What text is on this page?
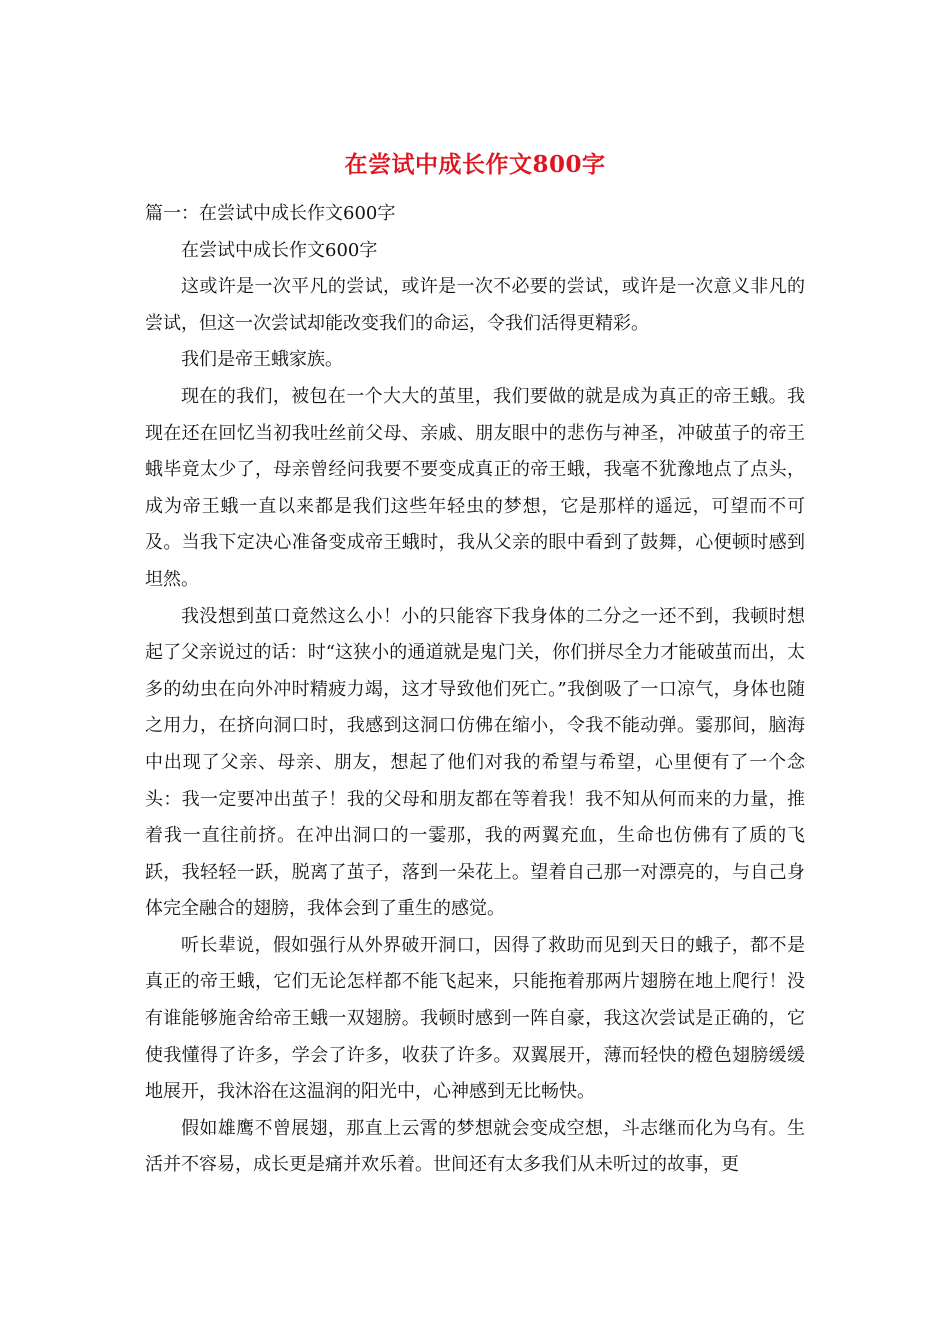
在尝试中成长作文800字

篇一：在尝试中成长作文600字

在尝试中成长作文600字

这或许是一次平凡的尝试，或许是一次不必要的尝试，或许是一次意义非凡的尝试，但这一次尝试却能改变我们的命运，令我们活得更精彩。

我们是帝王蛾家族。

现在的我们，被包在一个大大的茧里，我们要做的就是成为真正的帝王蛾。我现在还在回忆当初我吐丝前父母、亲戚、朋友眼中的悲伤与神圣，冲破茧子的帝王蛾毕竟太少了，母亲曾经问我要不要变成真正的帝王蛾，我毫不犹豫地点了点头，成为帝王蛾一直以来都是我们这些年轻虫的梦想，它是那样的遥远，可望而不可及。当我下定决心准备变成帝王蛾时，我从父亲的眼中看到了鼓舞，心便顿时感到坦然。

我没想到茧口竟然这么小！小的只能容下我身体的二分之一还不到，我顿时想起了父亲说过的话：时“这狭小的通道就是鬼门关，你们拼尽全力才能破茧而出，太多的幼虫在向外冲时精疲力竭，这才导致他们死亡。”我倒吸了一口凉气，身体也随之用力，在挤向洞口时，我感到这洞口仿佛在缩小，令我不能动弹。霎那间，脑海中出现了父亲、母亲、朋友，想起了他们对我的希望与希望，心里便有了一个念头：我一定要冲出茧子！我的父母和朋友都在等着我！我不知从何而来的力量，推着我一直往前挤。在冲出洞口的一霎那，我的两翼充血，生命也仿佛有了质的飞跃，我轻轻一跃，脱离了茧子，落到一朵花上。望着自己那一对漂亮的，与自己身体完全融合的翅膀，我体会到了重生的感觉。

听长辈说，假如强行从外界破开洞口，因得了救助而见到天日的蛾子，都不是真正的帝王蛾，它们无论怎样都不能飞起来，只能拖着那两片翅膀在地上爬行！没有谁能够施舍给帝王蛾一双翅膀。我顿时感到一阵自豪，我这次尝试是正确的，它使我懂得了许多，学会了许多，收获了许多。双翼展开，薄而轻快的橙色翅膀缓缓地展开，我沐浴在这温润的阳光中，心神感到无比畅快。

假如雄鹰不曾展翅，那直上云霄的梦想就会变成空想，斗志继而化为乌有。生活并不容易，成长更是痛并欢乐着。世间还有太多我们从未听过的故事，更
